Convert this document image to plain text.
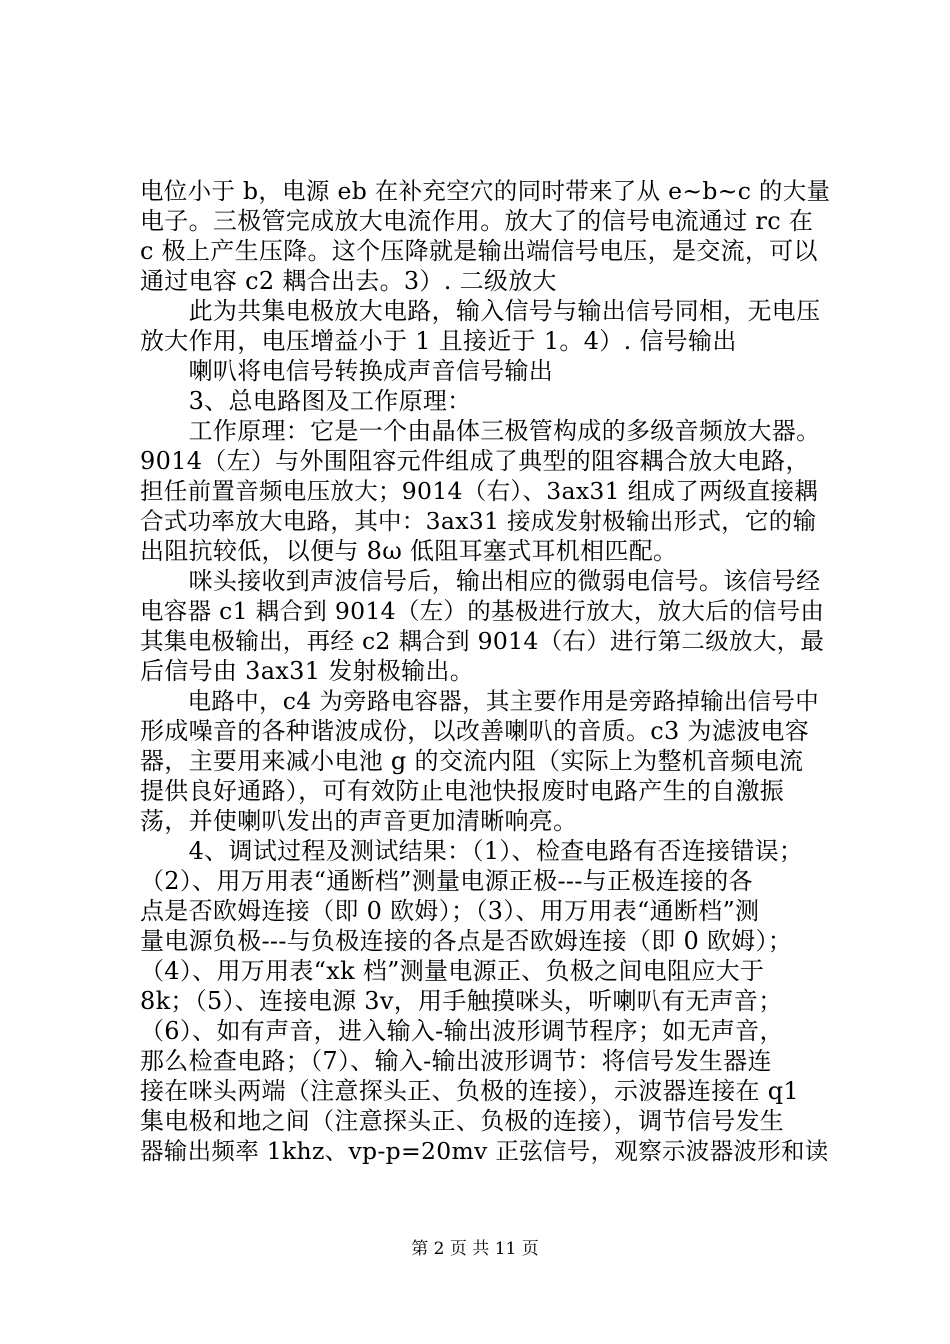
电位小于 b，电源 eb 在补充空穴的同时带来了从 e~b~c 的大量
电子。三极管完成放大电流作用。放大了的信号电流通过 rc 在
c 极上产生压降。这个压降就是输出端信号电压，是交流，可以
通过电容 c2 耦合出去。3）. 二级放大
　　此为共集电极放大电路，输入信号与输出信号同相，无电压
放大作用，电压增益小于 1 且接近于 1。4）. 信号输出
　　喇叭将电信号转换成声音信号输出
　　3、总电路图及工作原理：
　　工作原理：它是一个由晶体三极管构成的多级音频放大器。
9014（左）与外围阻容元件组成了典型的阻容耦合放大电路，
担任前置音频电压放大；9014（右）、3ax31 组成了两级直接耦
合式功率放大电路，其中：3ax31 接成发射极输出形式，它的输
出阻抗较低，以便与 8ω 低阻耳塞式耳机相匹配。
　　咪头接收到声波信号后，输出相应的微弱电信号。该信号经
电容器 c1 耦合到 9014（左）的基极进行放大，放大后的信号由
其集电极输出，再经 c2 耦合到 9014（右）进行第二级放大，最
后信号由 3ax31 发射极输出。
　　电路中，c4 为旁路电容器，其主要作用是旁路掉输出信号中
形成噪音的各种谐波成份，以改善喇叭的音质。c3 为滤波电容
器，主要用来减小电池 g 的交流内阻（实际上为整机音频电流
提供良好通路），可有效防止电池快报废时电路产生的自激振
荡，并使喇叭发出的声音更加清晰响亮。
　　4、调试过程及测试结果：（1）、检查电路有否连接错误；
（2）、用万用表“通断档”测量电源正极---与正极连接的各
点是否欧姆连接（即 0 欧姆）；（3）、用万用表“通断档”测
量电源负极---与负极连接的各点是否欧姆连接（即 0 欧姆）；
（4）、用万用表“xk 档”测量电源正、负极之间电阻应大于
8k；（5）、连接电源 3v，用手触摸咪头，听喇叭有无声音；
（6）、如有声音，进入输入-输出波形调节程序；如无声音，
那么检查电路；（7）、输入-输出波形调节：将信号发生器连
接在咪头两端（注意探头正、负极的连接），示波器连接在 q1
集电极和地之间（注意探头正、负极的连接），调节信号发生
器输出频率 1khz、vp-p=20mv 正弦信号，观察示波器波形和读
第 2 页 共 11 页
